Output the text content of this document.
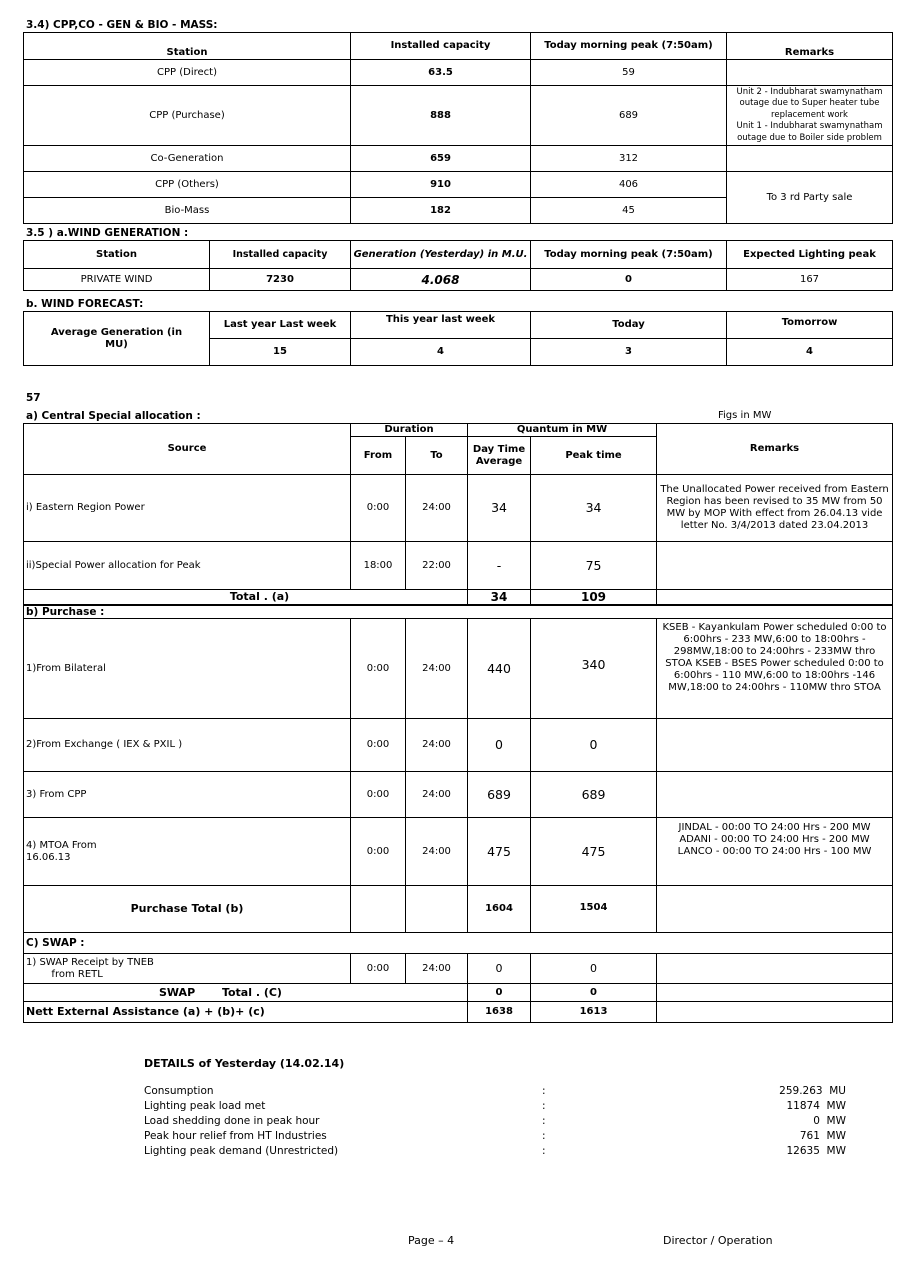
3.4) CPP,CO - GEN & BIO - MASS:
Station	Installed capacity	Today morning peak (7:50am)	Remarks
CPP (Direct)	63.5	59	
CPP (Purchase)	888	689	Unit 2 - Indubharat swamynatham outage due to Super heater tube replacement work
Unit 1 - Indubharat swamynatham outage due to Boiler side problem
Co-Generation	659	312	
CPP (Others)	910	406	To 3 rd Party sale
Bio-Mass	182	45	
3.5 ) a.WIND GENERATION :
Station	Installed capacity	Generation (Yesterday) in M.U.	Today morning peak (7:50am)	Expected Lighting peak
PRIVATE WIND	7230	4.068	0	167
b. WIND FORECAST:
Average Generation (in MU)	Last year Last week	This year last week	Today	Tomorrow
	15	4	3	4
57
a) Central Special allocation :	Figs in MW
Source	Duration		Quantum in MW		Remarks
	From	To	Day Time Average	Peak time	
i) Eastern Region Power	0:00	24:00	34	34	The Unallocated Power received from Eastern Region has been revised to 35 MW from 50 MW by MOP With effect from 26.04.13 vide letter No. 3/4/2013 dated 23.04.2013
ii)Special Power allocation for Peak	18:00	22:00	-	75	
Total . (a)			34	109	
b) Purchase :					
1)From Bilateral	0:00	24:00	440	340	KSEB - Kayankulam Power scheduled 0:00 to 6:00hrs - 233 MW,6:00 to 18:00hrs - 298MW,18:00 to 24:00hrs - 233MW thro STOA KSEB - BSES Power scheduled 0:00 to 6:00hrs - 110 MW,6:00 to 18:00hrs -146 MW,18:00 to 24:00hrs - 110MW thro STOA
2)From Exchange ( IEX & PXIL )	0:00	24:00	0	0	
3) From CPP	0:00	24:00	689	689	
4) MTOA From 16.06.13	0:00	24:00	475	475	JINDAL - 00:00 TO 24:00 Hrs - 200 MW
ADANI - 00:00 TO 24:00 Hrs - 200 MW
LANCO - 00:00 TO 24:00 Hrs - 100 MW
Purchase Total (b)			1604	1504	
C) SWAP :					
1) SWAP Receipt by TNEB
from RETL	0:00	24:00	0	0	
SWAP       Total . (C)			0	0	
Nett External Assistance (a) + (b)+ (c)			1638	1613	
DETAILS of Yesterday (14.02.14)
Consumption	:	259.263  MU
Lighting peak load met	:	11874  MW
Load shedding done in peak hour	:	0  MW
Peak hour relief from HT Industries	:	761  MW
Lighting peak demand (Unrestricted)	:	12635  MW
Page – 4	Director / Operation
